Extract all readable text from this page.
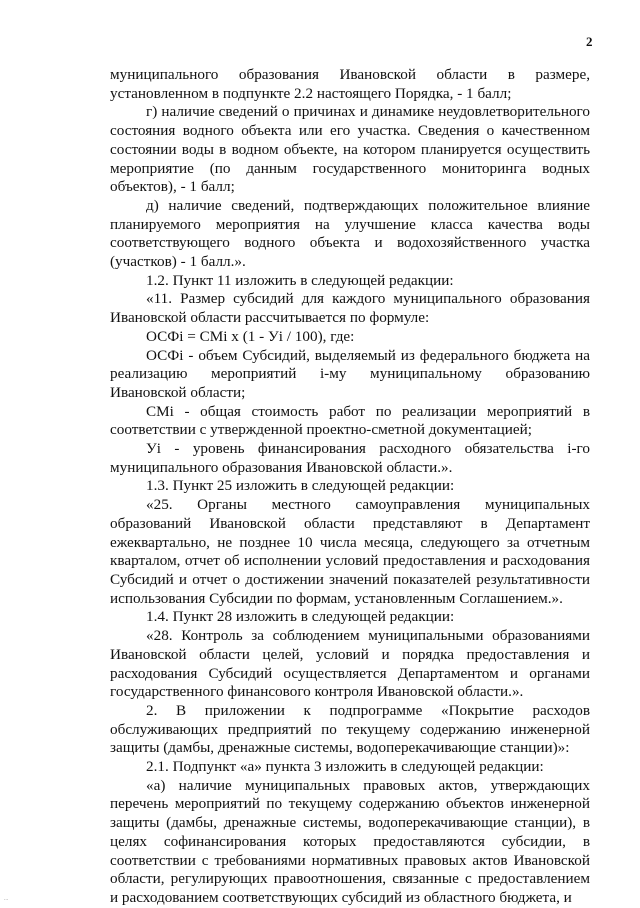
2

муниципального образования Ивановской области в размере, установленном в подпункте 2.2 настоящего Порядка, - 1 балл;

г) наличие сведений о причинах и динамике неудовлетворительного состояния водного объекта или его участка. Сведения о качественном состоянии воды в водном объекте, на котором планируется осуществить мероприятие (по данным государственного мониторинга водных объектов), - 1 балл;

д) наличие сведений, подтверждающих положительное влияние планируемого мероприятия на улучшение класса качества воды соответствующего водного объекта и водохозяйственного участка (участков) - 1 балл.».

1.2. Пункт 11 изложить в следующей редакции:

«11. Размер субсидий для каждого муниципального образования Ивановской области рассчитывается по формуле:

ОСФi = СМi x (1 - Уi / 100), где:

ОСФi - объем Субсидий, выделяемый из федерального бюджета на реализацию мероприятий i-му муниципальному образованию Ивановской области;

СМi - общая стоимость работ по реализации мероприятий в соответствии с утвержденной проектно-сметной документацией;

Уi - уровень финансирования расходного обязательства i-го муниципального образования Ивановской области.».

1.3. Пункт 25 изложить в следующей редакции:

«25. Органы местного самоуправления муниципальных образований Ивановской области представляют в Департамент ежеквартально, не позднее 10 числа месяца, следующего за отчетным кварталом, отчет об исполнении условий предоставления и расходования Субсидий и отчет о достижении значений показателей результативности использования Субсидии по формам, установленным Соглашением.».

1.4. Пункт 28 изложить в следующей редакции:

«28. Контроль за соблюдением муниципальными образованиями Ивановской области целей, условий и порядка предоставления и расходования Субсидий осуществляется Департаментом и органами государственного финансового контроля Ивановской области.».

2. В приложении к подпрограмме «Покрытие расходов обслуживающих предприятий по текущему содержанию инженерной защиты (дамбы, дренажные системы, водоперекачивающие станции)»:

2.1. Подпункт «а» пункта 3 изложить в следующей редакции:

«а) наличие муниципальных правовых актов, утверждающих перечень мероприятий по текущему содержанию объектов инженерной защиты (дамбы, дренажные системы, водоперекачивающие станции), в целях софинансирования которых предоставляются субсидии, в соответствии с требованиями нормативных правовых актов Ивановской области, регулирующих правоотношения, связанные с предоставлением и расходованием соответствующих субсидий из областного бюджета, и

...
